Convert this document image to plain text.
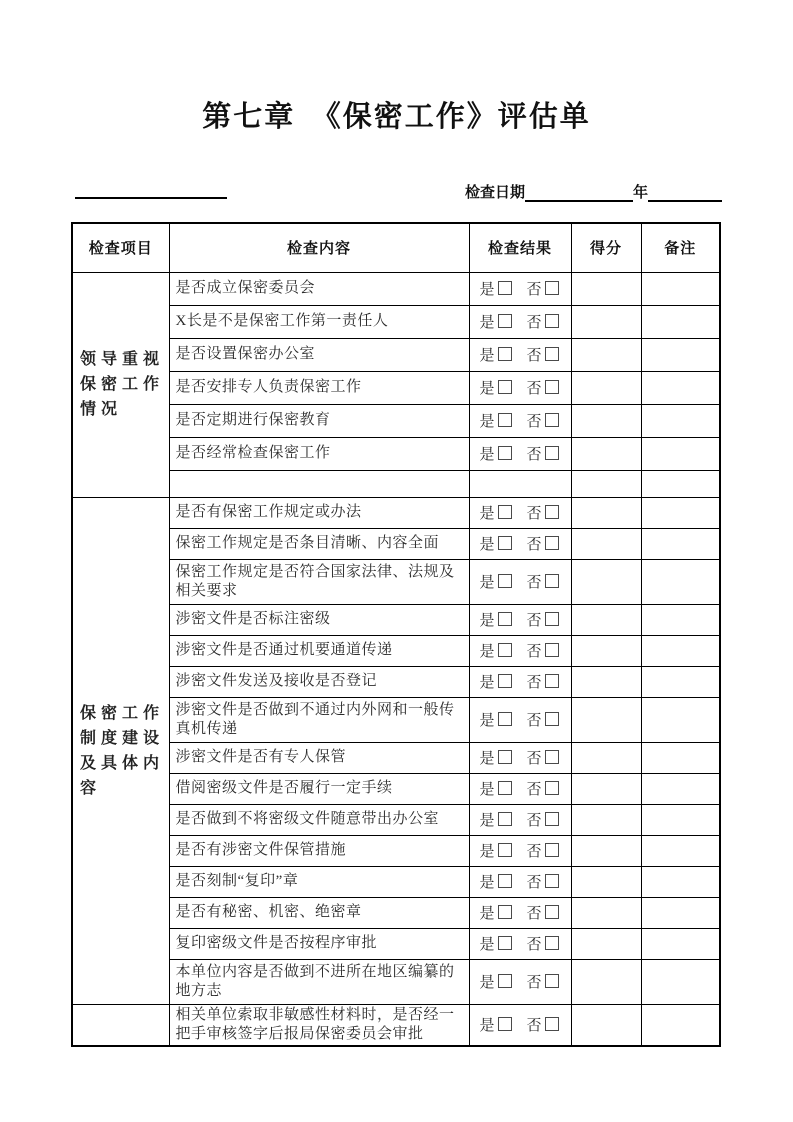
第七章　《保密工作》评估单
检查日期	年
检查项目	检查内容	检查结果	得分	备注
领导重视保密工作情况	是否成立保密委员会	是 否		
	X长是不是保密工作第一责任人	是 否		
	是否设置保密办公室	是 否		
	是否安排专人负责保密工作	是 否		
	是否定期进行保密教育	是 否		
	是否经常检查保密工作	是 否		

保密工作制度建设及具体内容	是否有保密工作规定或办法	是 否		
	保密工作规定是否条目清晰、内容全面	是 否		
	保密工作规定是否符合国家法律、法规及相关要求	是 否		
	涉密文件是否标注密级	是 否		
	涉密文件是否通过机要通道传递	是 否		
	涉密文件发送及接收是否登记	是 否		
	涉密文件是否做到不通过内外网和一般传真机传递	是 否		
	涉密文件是否有专人保管	是 否		
	借阅密级文件是否履行一定手续	是 否		
	是否做到不将密级文件随意带出办公室	是 否		
	是否有涉密文件保管措施	是 否		
	是否刻制“复印”章	是 否		
	是否有秘密、机密、绝密章	是 否		
	复印密级文件是否按程序审批	是 否		
	本单位内容是否做到不进所在地区编纂的地方志	是 否		
	相关单位索取非敏感性材料时，是否经一把手审核签字后报局保密委员会审批	是 否		
